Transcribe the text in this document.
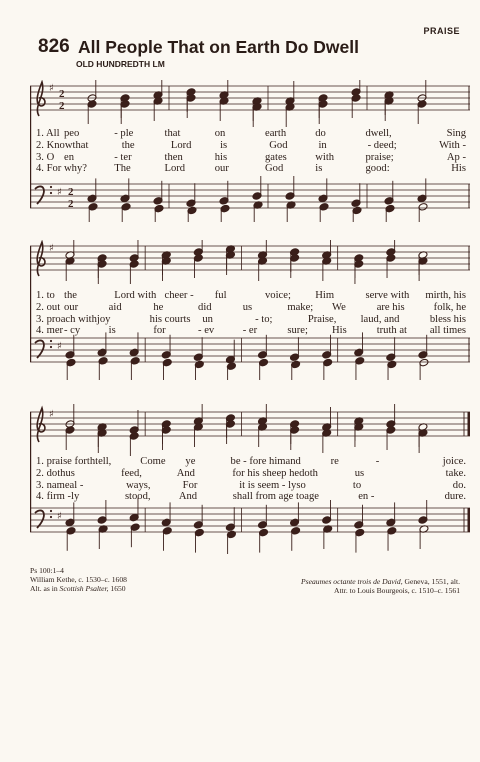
PRAISE
826 All People That on Earth Do Dwell
OLD HUNDREDTH LM
♯
♯
2
2
2
2
1. All peo	- ple	that	on	earth	do	dwell,	Sing
2. Know that	the	Lord	is	God	in	- deed;	With -
3. O en	- ter	then	his	gates	with	praise;	Ap -
4. For why?	The	Lord	our	God	is	good:	His
♯
♯
1. to the	Lord with cheer -	ful	voice;	Him	serve with	mirth, his
2. out our	aid	he	did	us	make;	We	are his	folk, he
3. proach with joy	his courts	un	- to;	Praise,	laud, and	bless his
4. mer - cy	is	for	- ev	- er	sure;	His	truth at	all times
♯
♯
1. praise forth tell,	Come	ye	be - fore him and	re	-	joice.
2. doth us	feed,	And	for his sheep he doth	us	take.
3. name al -	ways,	For	it is seem - ly so	to	do.
4. firm - ly	stood,	And	shall from age to age	en -	dure.
Ps 100:1–4
William Kethe, c. 1530–c. 1608
Alt. as in Scottish Psalter, 1650
Pseaumes octante trois de David, Geneva, 1551, alt.
Attr. to Louis Bourgeois, c. 1510–c. 1561
